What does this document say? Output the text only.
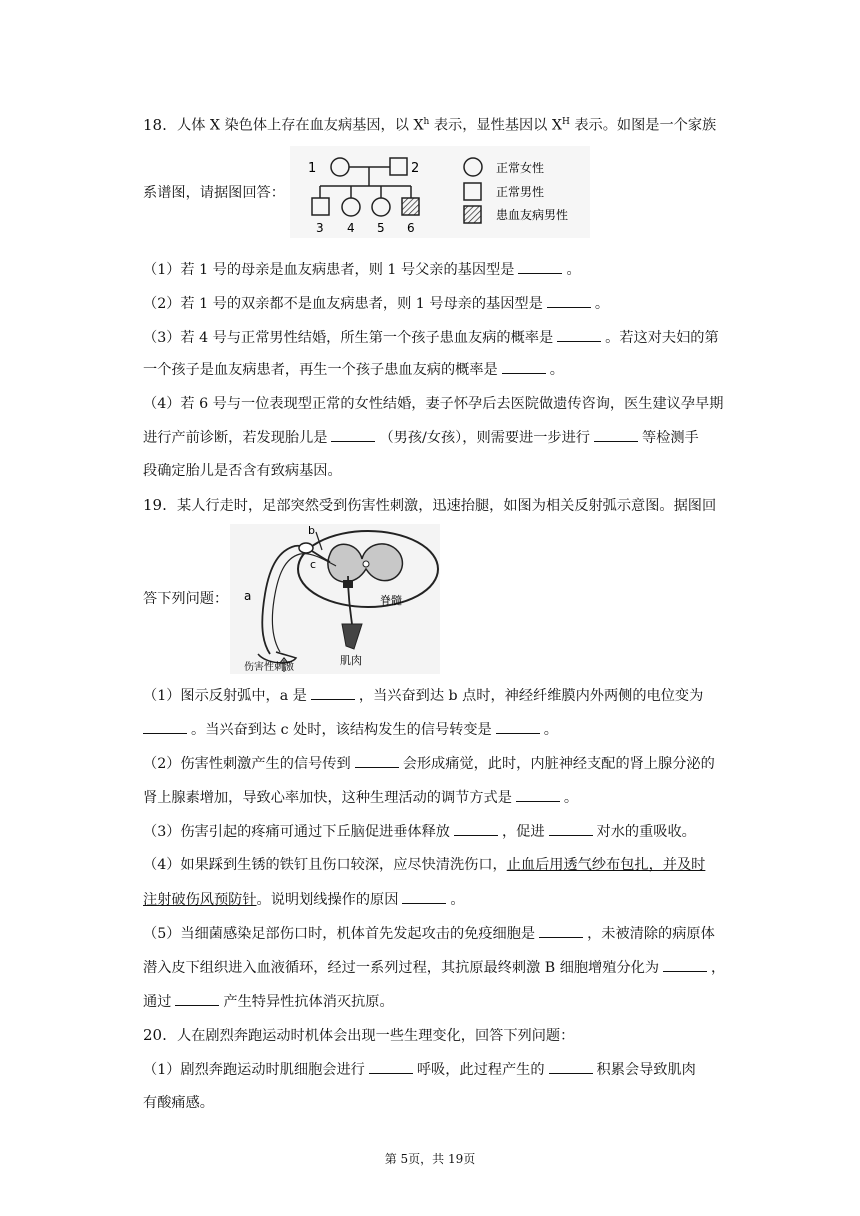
18. 人体 X 染色体上存在血友病基因，以 $X^h$ 表示，显性基因以 $X^H$ 表示。如图是一个家族
系谱图，请据图回答：
1	2
3 4 5 6
正常女性
正常男性
患血友病男性
（1）若 1 号的母亲是血友病患者，则 1 号父亲的基因型是	。
（2）若 1 号的双亲都不是血友病患者，则 1 号母亲的基因型是	。
（3）若 4 号与正常男性结婚，所生第一个孩子患血友病的概率是	。若这对夫妇的第
一个孩子是血友病患者，再生一个孩子患血友病的概率是	。
（4）若 6 号与一位表现型正常的女性结婚，妻子怀孕后去医院做遗传咨询，医生建议孕早期
进行产前诊断，若发现胎儿是	（男孩/女孩），则需要进一步进行	等检测手
段确定胎儿是否含有致病基因。
19. 某人行走时，足部突然受到伤害性刺激，迅速抬腿，如图为相关反射弧示意图。据图回
答下列问题：	a
b
c
脊髓
伤害性刺激
肌肉
（1）图示反射弧中，a 是	，当兴奋到达 b 点时，神经纤维膜内外两侧的电位变为
。当兴奋到达 c 处时，该结构发生的信号转变是	。
（2）伤害性刺激产生的信号传到	会形成痛觉，此时，内脏神经支配的肾上腺分泌的
肾上腺素增加，导致心率加快，这种生理活动的调节方式是	。
（3）伤害引起的疼痛可通过下丘脑促进垂体释放	，促进	对水的重吸收。
（4）如果踩到生锈的铁钉且伤口较深，应尽快清洗伤口，止血后用透气纱布包扎，并及时
注射破伤风预防针。说明划线操作的原因	。
（5）当细菌感染足部伤口时，机体首先发起攻击的免疫细胞是	，未被清除的病原体
潜入皮下组织进入血液循环，经过一系列过程，其抗原最终刺激 B 细胞增殖分化为	，
通过	产生特异性抗体消灭抗原。
20. 人在剧烈奔跑运动时机体会出现一些生理变化，回答下列问题：
（1）剧烈奔跑运动时肌细胞会进行	呼吸，此过程产生的	积累会导致肌肉
有酸痛感。
第 5页，共 19页
